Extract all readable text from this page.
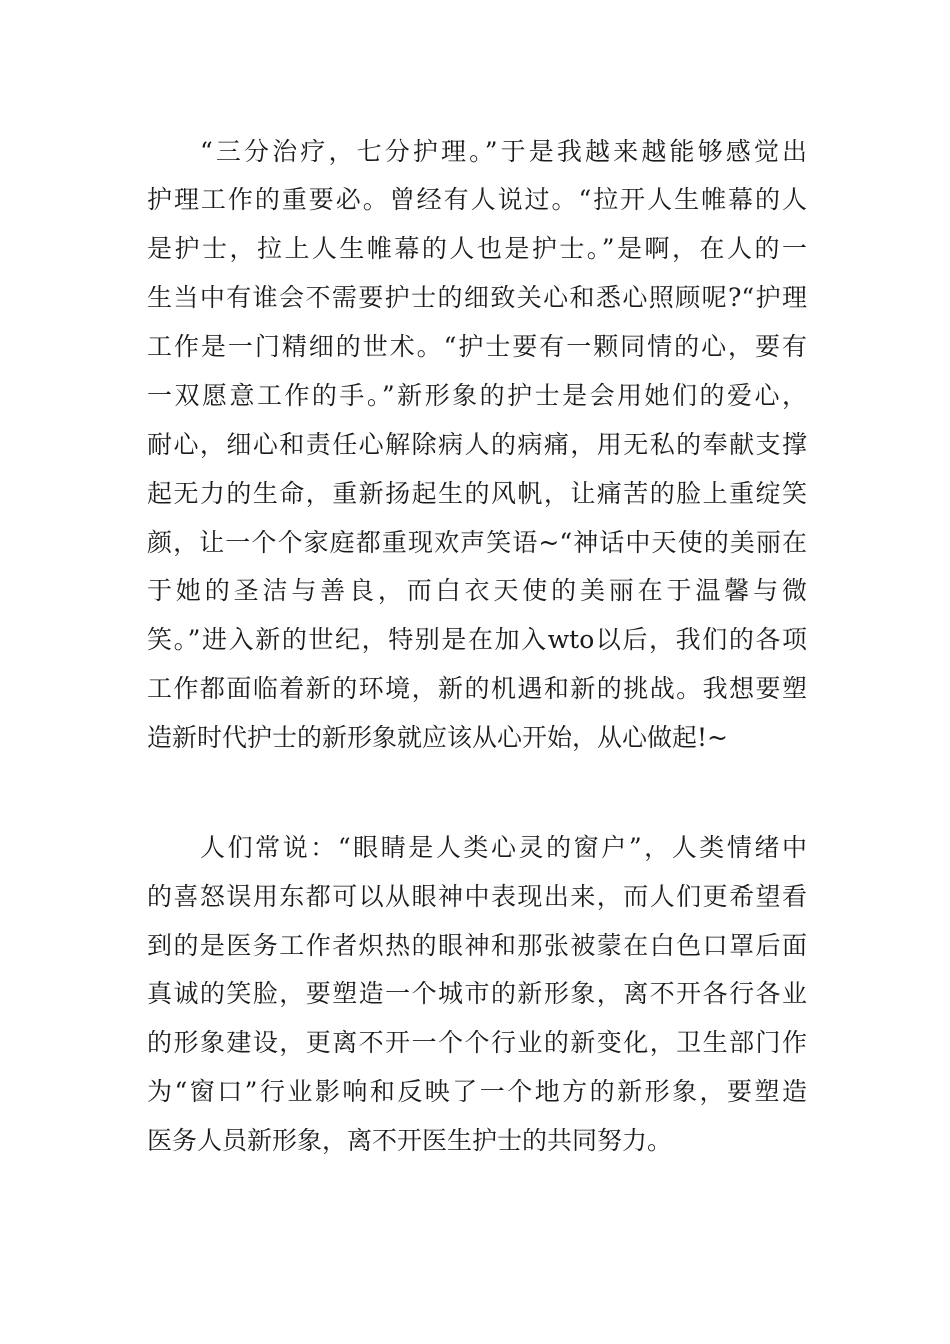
“三分治疗，七分护理。”于是我越来越能够感觉出
护理工作的重要必。曾经有人说过。“拉开人生帷幕的人
是护士，拉上人生帷幕的人也是护士。”是啊，在人的一
生当中有谁会不需要护士的细致关心和悉心照顾呢?“护理
工作是一门精细的世术。“护士要有一颗同情的心，要有
一双愿意工作的手。”新形象的护士是会用她们的爱心，
耐心，细心和责任心解除病人的病痛，用无私的奉献支撑
起无力的生命，重新扬起生的风帆，让痛苦的脸上重绽笑
颜，让一个个家庭都重现欢声笑语~“神话中天使的美丽在
于她的圣洁与善良，而白衣天使的美丽在于温馨与微
笑。”进入新的世纪，特别是在加入wto以后，我们的各项
工作都面临着新的环境，新的机遇和新的挑战。我想要塑
造新时代护士的新形象就应该从心开始，从心做起!~
人们常说：“眼睛是人类心灵的窗户”，人类情绪中
的喜怒误用东都可以从眼神中表现出来，而人们更希望看
到的是医务工作者炽热的眼神和那张被蒙在白色口罩后面
真诚的笑脸，要塑造一个城市的新形象，离不开各行各业
的形象建设，更离不开一个个行业的新变化，卫生部门作
为“窗口”行业影响和反映了一个地方的新形象，要塑造
医务人员新形象，离不开医生护士的共同努力。
